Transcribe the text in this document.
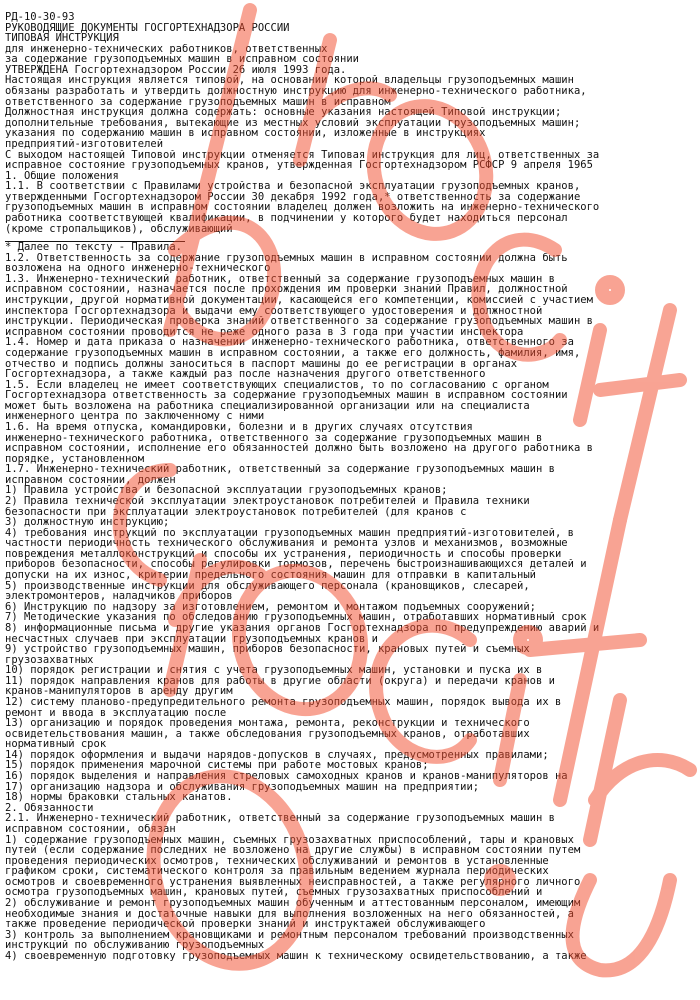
РД-10-30-93
РУКОВОДЯЩИЕ ДОКУМЕНТЫ ГОСГОРТЕХНАДЗОРА РОССИИ
ТИПОВАЯ ИНСТРУКЦИЯ
для инженерно-технических работников, ответственных
за содержание грузоподъемных машин в исправном состоянии
УТВЕРЖДЕНА Госгортехнадзором России 26 июля 1993 года.
Настоящая инструкция является типовой, на основании которой владельцы грузоподъемных машин
обязаны разработать и утвердить должностную инструкцию для инженерно-технического работника,
ответственного за содержание грузоподъемных машин в исправном
Должностная инструкция должна содержать: основные указания настоящей Типовой инструкции;
дополнительные требования, вытекающие из местных условий эксплуатации грузоподъемных машин;
указания по содержанию машин в исправном состоянии, изложенные в инструкциях
предприятий-изготовителей
С выходом настоящей Типовой инструкции отменяется Типовая инструкция для лиц, ответственных за
исправное состояние грузоподъемных кранов, утвержденная Госгортехнадзором РСФСР 9 апреля 1965
1. Общие положения
1.1. В соответствии с Правилами устройства и безопасной эксплуатации грузоподъемных кранов,
утвержденными Госгортехнадзором России 30 декабря 1992 года,* ответственность за содержание
грузоподъемных машин в исправном состоянии владелец должен возложить на инженерно-технического
работника соответствующей квалификации, в подчинении у которого будет находиться персонал
(кроме стропальщиков), обслуживающий
* Далее по тексту - Правила.
1.2. Ответственность за содержание грузоподъемных машин в исправном состоянии должна быть
возложена на одного инженерно-технического
1.3. Инженерно-технический работник, ответственный за содержание грузоподъемных машин в
исправном состоянии, назначается после прохождения им проверки знаний Правил, должностной
инструкции, другой нормативной документации, касающейся его компетенции, комиссией с участием
инспектора Госгортехнадзора и выдачи ему соответствующего удостоверения и должностной
инструкции. Периодическая проверка знаний ответственного за содержание грузоподъемных машин в
исправном состоянии проводится не реже одного раза в 3 года при участии инспектора
1.4. Номер и дата приказа о назначении инженерно-технического работника, ответственного за
содержание грузоподъемных машин в исправном состоянии, а также его должность, фамилия, имя,
отчество и подпись должны заноситься в паспорт машины до ее регистрации в органах
Госгортехнадзора, а также каждый раз после назначения другого ответственного
1.5. Если владелец не имеет соответствующих специалистов, то по согласованию с органом
Госгортехнадзора ответственность за содержание грузоподъемных машин в исправном состоянии
может быть возложена на работника специализированной организации или на специалиста
инженерного центра по заключенному с ними
1.6. На время отпуска, командировки, болезни и в других случаях отсутствия
инженерно-технического работника, ответственного за содержание грузоподъемных машин в
исправном состоянии, исполнение его обязанностей должно быть возложено на другого работника в
порядке, установленном
1.7. Инженерно-технический работник, ответственный за содержание грузоподъемных машин в
исправном состоянии, должен
1) Правила устройства и безопасной эксплуатации грузоподъемных кранов;
2) Правила технической эксплуатации электроустановок потребителей и Правила техники
безопасности при эксплуатации электроустановок потребителей (для кранов с
3) должностную инструкцию;
4) требования инструкций по эксплуатации грузоподъемных машин предприятий-изготовителей, в
частности периодичность технического обслуживания и ремонта узлов и механизмов, возможные
повреждения металлоконструкций и способы их устранения, периодичность и способы проверки
приборов безопасности, способы регулировки тормозов, перечень быстроизнашивающихся деталей и
допуски на их износ, критерии предельного состояния машин для отправки в капитальный
5) производственные инструкции для обслуживающего персонала (крановщиков, слесарей,
электромонтеров, наладчиков приборов
6) Инструкцию по надзору за изготовлением, ремонтом и монтажом подъемных сооружений;
7) Методические указания по обследованию грузоподъемных машин, отработавших нормативный срок
8) информационные письма и другие указания органов Госгортехнадзора по предупреждению аварий и
несчастных случаев при эксплуатации грузоподъемных кранов и
9) устройство грузоподъемных машин, приборов безопасности, крановых путей и съемных
грузозахватных
10) порядок регистрации и снятия с учета грузоподъемных машин, установки и пуска их в
11) порядок направления кранов для работы в другие области (округа) и передачи кранов и
кранов-манипуляторов в аренду другим
12) систему планово-предупредительного ремонта грузоподъемных машин, порядок вывода их в
ремонт и ввода в эксплуатацию после
13) организацию и порядок проведения монтажа, ремонта, реконструкции и технического
освидетельствования машин, а также обследования грузоподъемных кранов, отработавших
нормативный срок
14) порядок оформления и выдачи нарядов-допусков в случаях, предусмотренных правилами;
15) порядок применения марочной системы при работе мостовых кранов;
16) порядок выделения и направления стреловых самоходных кранов и кранов-манипуляторов на
17) организацию надзора и обслуживания грузоподъемных машин на предприятии;
18) нормы браковки стальных канатов.
2. Обязанности
2.1. Инженерно-технический работник, ответственный за содержание грузоподъемных машин в
исправном состоянии, обязан
1) содержание грузоподъемных машин, съемных грузозахватных приспособлений, тары и крановых
путей (если содержание последних не возложено на другие службы) в исправном состоянии путем
проведения периодических осмотров, технических обслуживаний и ремонтов в установленные
графиком сроки, систематического контроля за правильным ведением журнала периодических
осмотров и своевременного устранения выявленных неисправностей, а также регулярного личного
осмотра грузоподъемных машин, крановых путей, съемных грузозахватных приспособлений и
2) обслуживание и ремонт грузоподъемных машин обученным и аттестованным персоналом, имеющим
необходимые знания и достаточные навыки для выполнения возложенных на него обязанностей, а
также проведение периодической проверки знаний и инструктажей обслуживающего
3) контроль за выполнением крановщиками и ремонтным персоналом требований производственных
инструкций по обслуживанию грузоподъемных
4) своевременную подготовку грузоподъемных машин к техническому освидетельствованию, а также
